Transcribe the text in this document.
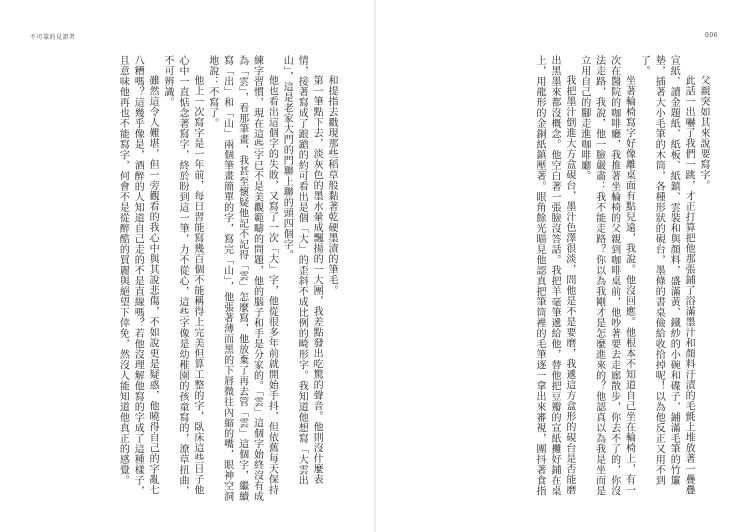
不可靠的見證者

和提指去戳現那些稻草般黏著乾硬墨漬的筆毛。

第一筆點下去，淡灰色的墨水暈成飄揚的一大團，我差點發出吃驚的聲音。他則沒什麼表情，接著寫成了踉蹌的約可看出是個「大」的歪斜不成比例的畸形字。我知道他想寫「大雲出山」，這是老家大門的門聯上聯的頭四個字。

他也看出這個字的失敗，又寫了一次「大」字，他從很多年前就開始手抖，但依舊每天保持練字習慣，現在這些字已不是美觀範疇的問題，他的腦子和手是分家的。「雲」這個字始終沒有成為「雲」，看那筆畫，我甚至懷疑他記不記得「雲」怎麼寫，他放棄了再去管「雲」這個字，繼續寫「出」和「山」兩個筆畫簡單的字，寫完「山」，他張著薄而黑的下唇微往內縮的嘴，眼神空洞地說：不寫了。

他上一次寫字是一年前，每日習能寫幾百個不能稱得上完美但算工整的字，臥床這些日子他心中一直惦念著寫字，終於盼到這一筆，力不從心，這些字像是幼稚園的孩童寫的，潦草扭曲，不可辨識。

雖然這令人難堪，但一旁觀看的我心中與其說悲傷，不如說更是疑惑，他曉得自己的字亂七八糟嗎？這幾乎像是，酒醉的人知道自己走的不是直線嗎？若他沒理解他寫的字成了這種樣子，且意味他再也不能寫字，何會不是從醉酷的買麗與絕望下倖免，然沒人能知道他真正的感覺。

006

父親突如其來說要寫字。

此話一出嚇了我們一跳，才正打算把他那張鋪了浴滿墨汁和顏料汙漬的毛氈上堆放著一疊疊宣紙、讀金題紙、紙板、紙鎮、雲裝和與顏料，盛滿黃、鐵紗的小碗和碟子，鋪滿毛筆的竹簾墊，插著大小毛筆的木筒，各種形狀的硯台，墨條的書桌儉給收拾掉呢！以為他反正又用不到了。

坐著輪椅寫字好像離桌面有點兒遠，我說。他沒回應。他根本不知道自己坐在輪椅上，有一次在醫院的咖啡廳，我推著坐輪椅的父親到咖啡桌前，他吵著要去走廊散步，你去不了的，你沒法走路，我說，他一臉嚴肅：我不能走路？你以為我剛才是怎麼進來的？他認真以為我是坐而是立用自己的腳走進咖啡廳。

我把墨汁倒進大方盒硯台，墨汁色澤很淡，問他是不是要磨，我遞這方盒形的硯台是否能磨出黑墨來都沒概念。他空白著一張臉沒答話。我把羊毫筆遞給他，替他把豆瓣的宣紙攤好鋪在桌上，用龍形的金銅紙鎮壓著。眼角餘光瞄見他認真把筆筒裡的毛筆逐一拿出來審視，團抖著食指
